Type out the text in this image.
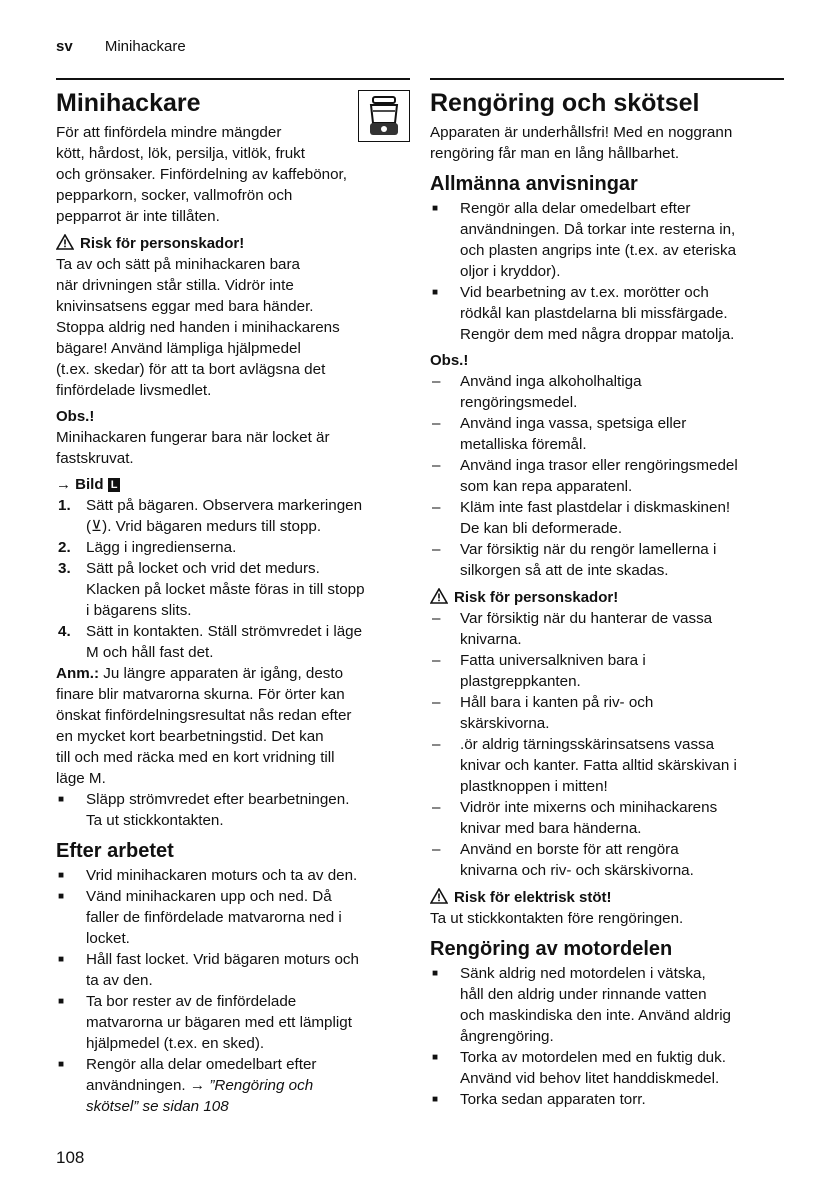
sv Minihackare
Minihackare

För att finfördela mindre mängder

kött, hårdost, lök, persilja, vitlök, frukt

och grönsaker. Finfördelning av kaffebönor,

pepparkorn, socker, vallmofrön och

pepparrot är inte tillåten.

Risk för personskador!

Ta av och sätt på minihackaren bara

när drivningen står stilla. Vidrör inte

knivinsatsens eggar med bara händer.

Stoppa aldrig ned handen i minihackarens

bägare! Använd lämpliga hjälpmedel

(t.ex. skedar) för att ta bort avlägsna det

finfördelade livsmedlet.

Obs.!

Minihackaren fungerar bara när locket är

fastskruvat.

→ Bild L
1. Sätt på bägaren. Observera markeringen
(⊻). Vrid bägaren medurs till stopp.
2. Lägg i ingredienserna.
3. Sätt på locket och vrid det medurs.
Klacken på locket måste föras in till stopp
i bägarens slits.
4. Sätt in kontakten. Ställ strömvredet i läge
M och håll fast det.

Anm.: Ju längre apparaten är igång, desto

finare blir matvarorna skurna. För örter kan

önskat finfördelningsresultat nås redan efter

en mycket kort bearbetningstid. Det kan

till och med räcka med en kort vridning till

läge M.

■ Släpp strömvredet efter bearbetningen.
Ta ut stickkontakten.
Efter arbetet
■ Vrid minihackaren moturs och ta av den.
■ Vänd minihackaren upp och ned. Då
faller de finfördelade matvarorna ned i
locket.
■ Håll fast locket. Vrid bägaren moturs och
ta av den.
■ Ta bor rester av de finfördelade
matvarorna ur bägaren med ett lämpligt
hjälpmedel (t.ex. en sked).
■ Rengör alla delar omedelbart efter
användningen. → ”Rengöring och
skötsel” se sidan 108
Rengöring och skötsel

Apparaten är underhållsfri! Med en noggrann

rengöring får man en lång hållbarhet.

Allmänna anvisningar
■ Rengör alla delar omedelbart efter
användningen. Då torkar inte resterna in,
och plasten angrips inte (t.ex. av eteriska
oljor i kryddor).
■ Vid bearbetning av t.ex. morötter och
rödkål kan plastdelarna bli missfärgade.
Rengör dem med några droppar matolja.
Obs.!
– Använd inga alkoholhaltiga
rengöringsmedel.
– Använd inga vassa, spetsiga eller
metalliska föremål.
– Använd inga trasor eller rengöringsmedel
som kan repa apparatenl.
– Kläm inte fast plastdelar i diskmaskinen!
De kan bli deformerade.
– Var försiktig när du rengör lamellerna i
silkorgen så att de inte skadas.
Risk för personskador!
– Var försiktig när du hanterar de vassa
knivarna.
– Fatta universalkniven bara i
plastgreppkanten.
– Håll bara i kanten på riv- och
skärskivorna.
– .ör aldrig tärningsskärinsatsens vassa
knivar och kanter. Fatta alltid skärskivan i
plastknoppen i mitten!
– Vidrör inte mixerns och minihackarens
knivar med bara händerna.
– Använd en borste för att rengöra
knivarna och riv- och skärskivorna.
Risk för elektrisk stöt!

Ta ut stickkontakten före rengöringen.

Rengöring av motordelen
■ Sänk aldrig ned motordelen i vätska,
håll den aldrig under rinnande vatten
och maskindiska den inte. Använd aldrig
ångrengöring.
■ Torka av motordelen med en fuktig duk.
Använd vid behov litet handdiskmedel.
■ Torka sedan apparaten torr.
108
